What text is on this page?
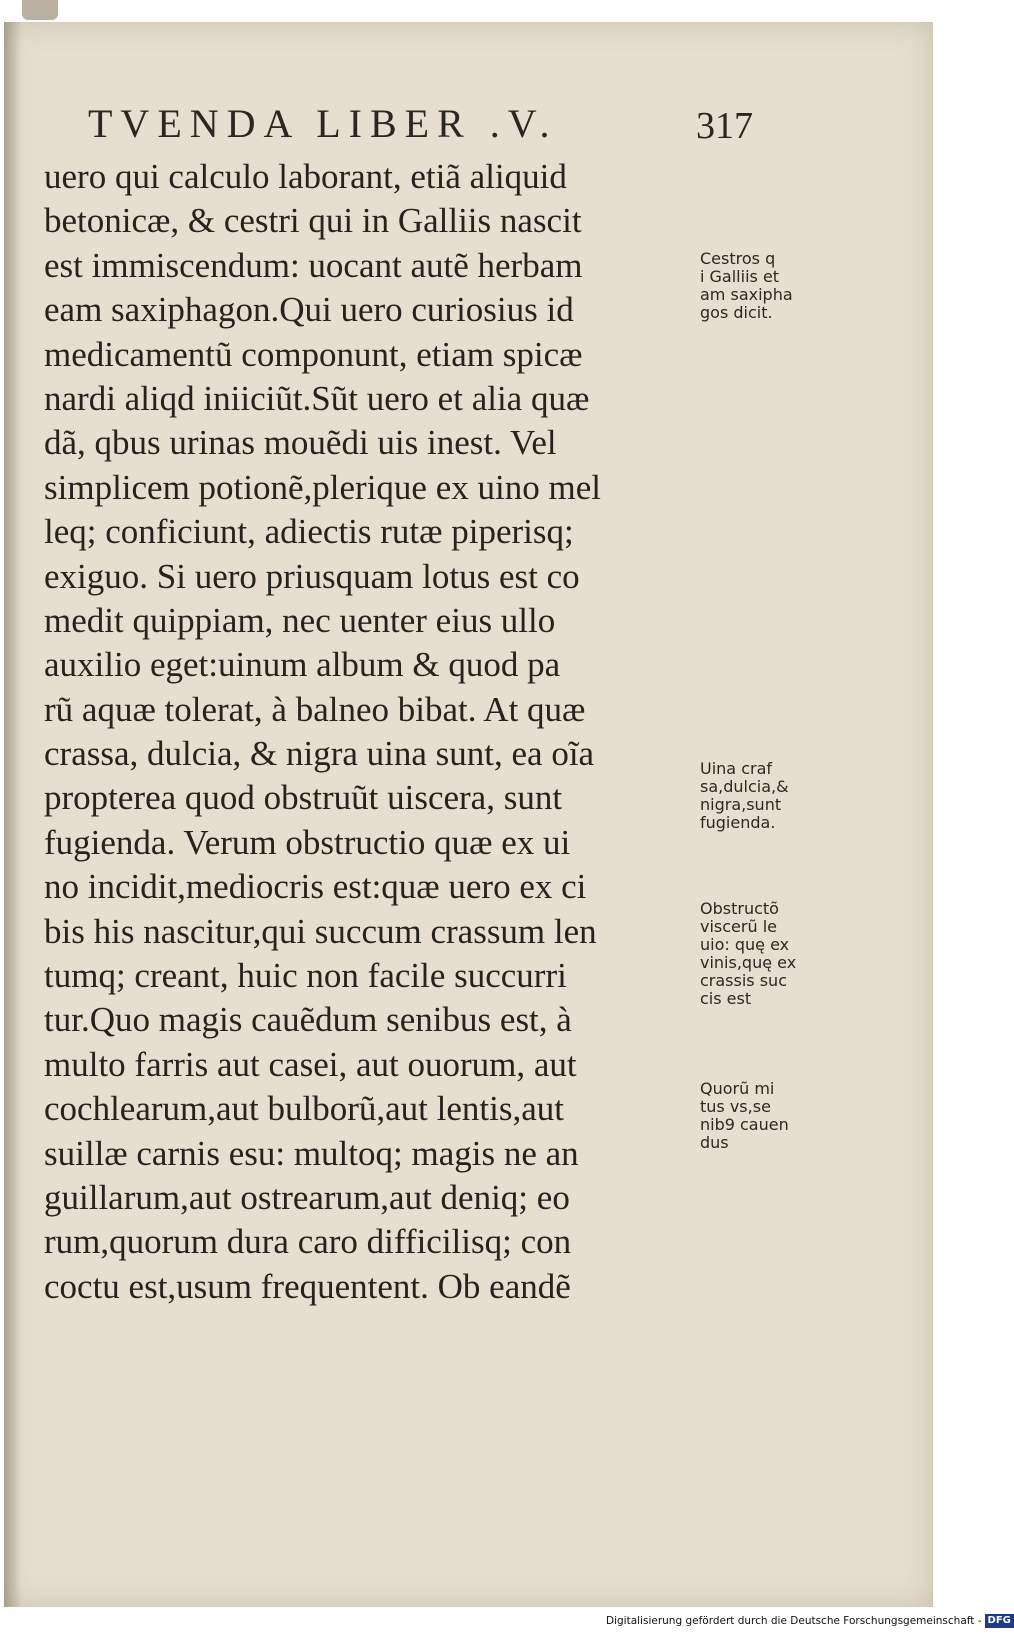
TVENDA LIBER .V.	317
uero qui calculo laborant, etiã aliquid
betonicæ, & cestri qui in Galliis nascit
est immiscendum: uocant autẽ herbam
eam saxiphagon.Qui uero curiosius id
medicamentũ componunt, etiam spicæ
nardi aliqd iniiciũt.Sũt uero et alia quæ
dã, qbus urinas mouẽdi uis inest. Vel
simplicem potionẽ,plerique ex uino mel
leq; conficiunt, adiectis rutæ piperisq;
exiguo. Si uero priusquam lotus est co
medit quippiam, nec uenter eius ullo
auxilio eget:uinum album & quod pa
rũ aquæ tolerat, à balneo bibat. At quæ
crassa, dulcia, & nigra uina sunt, ea oĩa
propterea quod obstruũt uiscera, sunt
fugienda. Verum obstructio quæ ex ui
no incidit,mediocris est:quæ uero ex ci
bis his nascitur,qui succum crassum len
tumq; creant, huic non facile succurri
tur.Quo magis cauẽdum senibus est, à
multo farris aut casei, aut ouorum, aut
cochlearum,aut bulborũ,aut lentis,aut
suillæ carnis esu: multoq; magis ne an
guillarum,aut ostrearum,aut deniq; eo
rum,quorum dura caro difficilisq; con
coctu est,usum frequentent. Ob eandẽ
Cestros q
i Galliis et
am saxipha
gos dicit.
Uina craf
sa,dulcia,&
nigra,sunt
fugienda.
Obstructõ
viscerũ le
uio: quę ex
vinis,quę ex
crassis suc
cis est
Quorũ mi
tus vs,se
nib9 cauen
dus
Digitalisierung gefördert durch die Deutsche Forschungsgemeinschaft - DFG
